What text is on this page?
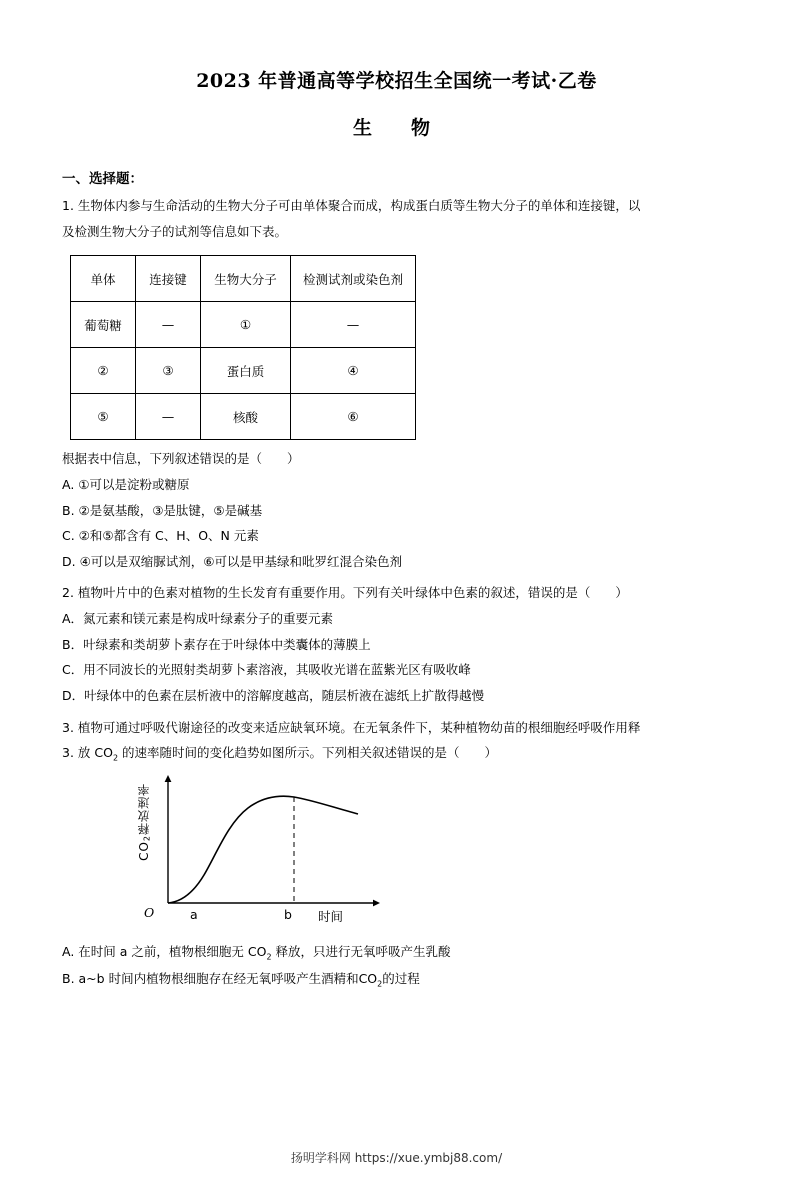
2023 年普通高等学校招生全国统一考试·乙卷
生　物
一、选择题：
1. 生物体内参与生命活动的生物大分子可由单体聚合而成，构成蛋白质等生物大分子的单体和连接键，以
及检测生物大分子的试剂等信息如下表。
单体	连接键	生物大分子	检测试剂或染色剂
葡萄糖	—	①	—
②	③	蛋白质	④
⑤	—	核酸	⑥
根据表中信息，下列叙述错误的是（　　）
A. ①可以是淀粉或糖原
B. ②是氨基酸，③是肽键，⑤是碱基
C. ②和⑤都含有 C、H、O、N 元素
D. ④可以是双缩脲试剂，⑥可以是甲基绿和吡罗红混合染色剂
2. 植物叶片中的色素对植物的生长发育有重要作用。下列有关叶绿体中色素的叙述，错误的是（　　）
A．氮元素和镁元素是构成叶绿素分子的重要元素
B．叶绿素和类胡萝卜素存在于叶绿体中类囊体的薄膜上
C．用不同波长的光照射类胡萝卜素溶液，其吸收光谱在蓝紫光区有吸收峰
D．叶绿体中的色素在层析液中的溶解度越高，随层析液在滤纸上扩散得越慢
3. 植物可通过呼吸代谢途径的改变来适应缺氧环境。在无氧条件下，某种植物幼苗的根细胞经呼吸作用释
3. 放 $CO_2$ 的速率随时间的变化趋势如图所示。下列相关叙述错误的是（　　）
$CO_2$释放速率
O	a	b 时间
A. 在时间 a 之前，植物根细胞无 $CO_2$ 释放，只进行无氧呼吸产生乳酸
B. a~b 时间内植物根细胞存在经无氧呼吸产生酒精和$CO_2$的过程
扬明学科网 https://xue.ymbj88.com/
